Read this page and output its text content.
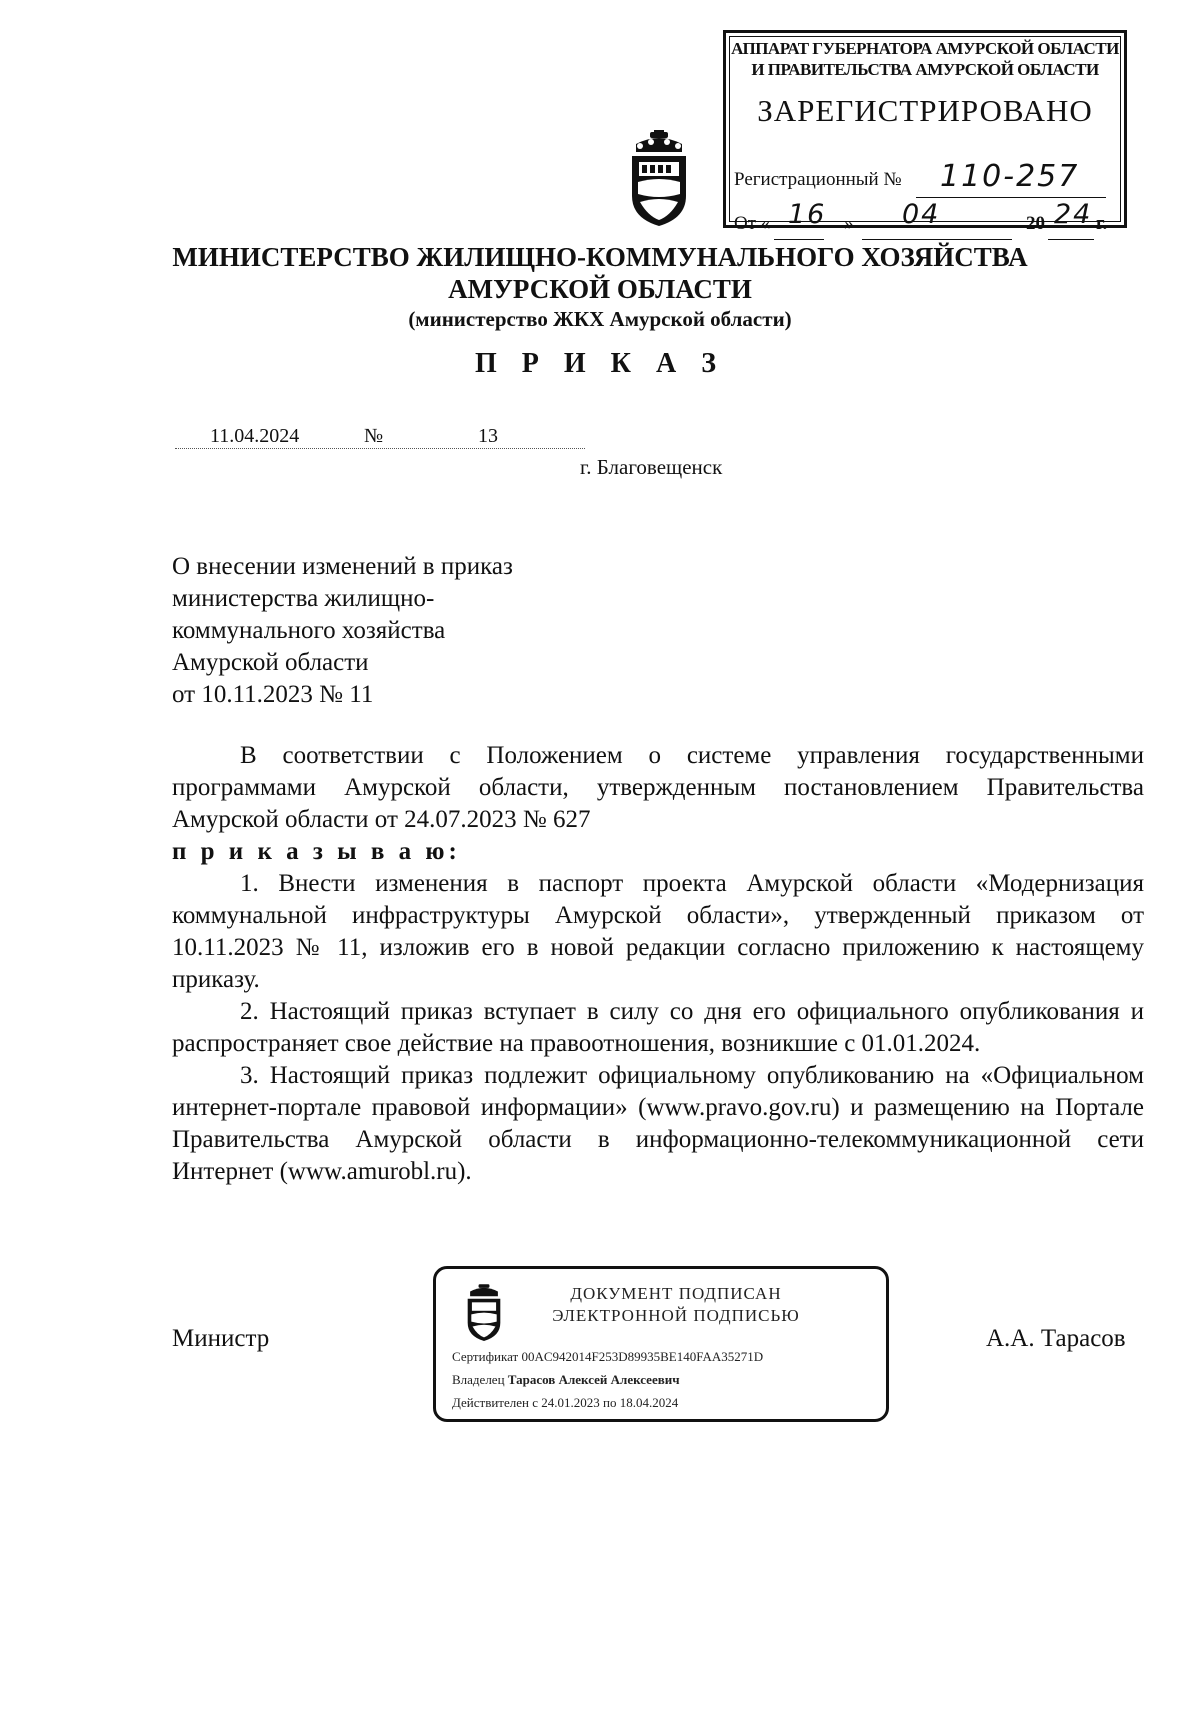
АППАРАТ ГУБЕРНАТОРА АМУРСКОЙ ОБЛАСТИ
И ПРАВИТЕЛЬСТВА АМУРСКОЙ ОБЛАСТИ
ЗАРЕГИСТРИРОВАНО
Регистрационный № 110-257
От « 16 » 04	20 24 г.
МИНИСТЕРСТВО ЖИЛИЩНО-КОММУНАЛЬНОГО ХОЗЯЙСТВА
АМУРСКОЙ ОБЛАСТИ
(министерство ЖКХ Амурской области)
П Р И К А З
11.04.2024	№	13
г. Благовещенск
О внесении изменений в приказ
министерства жилищно-
коммунального хозяйства
Амурской области
от 10.11.2023 № 11

В соответствии с Положением о системе управления государственными программами Амурской области, утвержденным постановлением Правительства Амурской области от 24.07.2023 № 627

п р и к а з ы в а ю:

1. Внести изменения в паспорт проекта Амурской области «Модернизация коммунальной инфраструктуры Амурской области», утвержденный приказом от 10.11.2023 № 11, изложив его в новой редакции согласно приложению к настоящему приказу.

2. Настоящий приказ вступает в силу со дня его официального опубликования и распространяет свое действие на правоотношения, возникшие с 01.01.2024.

3. Настоящий приказ подлежит официальному опубликованию на «Официальном интернет-портале правовой информации» (www.pravo.gov.ru) и размещению на Портале Правительства Амурской области в информационно-телекоммуникационной сети Интернет (www.amurobl.ru).

Министр	А.А. Тарасов
ДОКУМЕНТ ПОДПИСАН
ЭЛЕКТРОННОЙ ПОДПИСЬЮ
Сертификат 00AC942014F253D89935BE140FAA35271D
Владелец Тарасов Алексей Алексеевич
Действителен с 24.01.2023 по 18.04.2024
